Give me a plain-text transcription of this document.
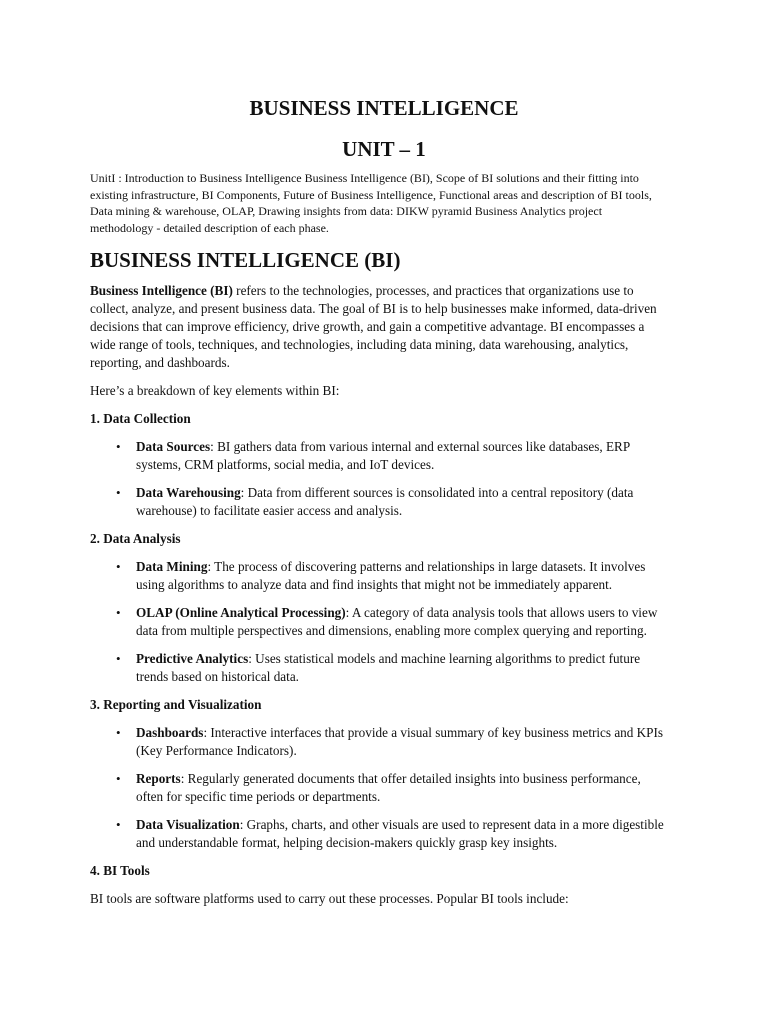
BUSINESS INTELLIGENCE
UNIT – 1

UnitI : Introduction to Business Intelligence Business Intelligence (BI), Scope of BI solutions and their fitting into existing infrastructure, BI Components, Future of Business Intelligence, Functional areas and description of BI tools, Data mining & warehouse, OLAP, Drawing insights from data: DIKW pyramid Business Analytics project methodology - detailed description of each phase.

BUSINESS INTELLIGENCE (BI)

Business Intelligence (BI) refers to the technologies, processes, and practices that organizations use to collect, analyze, and present business data. The goal of BI is to help businesses make informed, data-driven decisions that can improve efficiency, drive growth, and gain a competitive advantage. BI encompasses a wide range of tools, techniques, and technologies, including data mining, data warehousing, analytics, reporting, and dashboards.

Here’s a breakdown of key elements within BI:

1. Data Collection

• Data Sources: BI gathers data from various internal and external sources like databases, ERP systems, CRM platforms, social media, and IoT devices.
• Data Warehousing: Data from different sources is consolidated into a central repository (data warehouse) to facilitate easier access and analysis.

2. Data Analysis

• Data Mining: The process of discovering patterns and relationships in large datasets. It involves using algorithms to analyze data and find insights that might not be immediately apparent.
• OLAP (Online Analytical Processing): A category of data analysis tools that allows users to view data from multiple perspectives and dimensions, enabling more complex querying and reporting.
• Predictive Analytics: Uses statistical models and machine learning algorithms to predict future trends based on historical data.

3. Reporting and Visualization

• Dashboards: Interactive interfaces that provide a visual summary of key business metrics and KPIs (Key Performance Indicators).
• Reports: Regularly generated documents that offer detailed insights into business performance, often for specific time periods or departments.
• Data Visualization: Graphs, charts, and other visuals are used to represent data in a more digestible and understandable format, helping decision-makers quickly grasp key insights.

4. BI Tools

BI tools are software platforms used to carry out these processes. Popular BI tools include:
